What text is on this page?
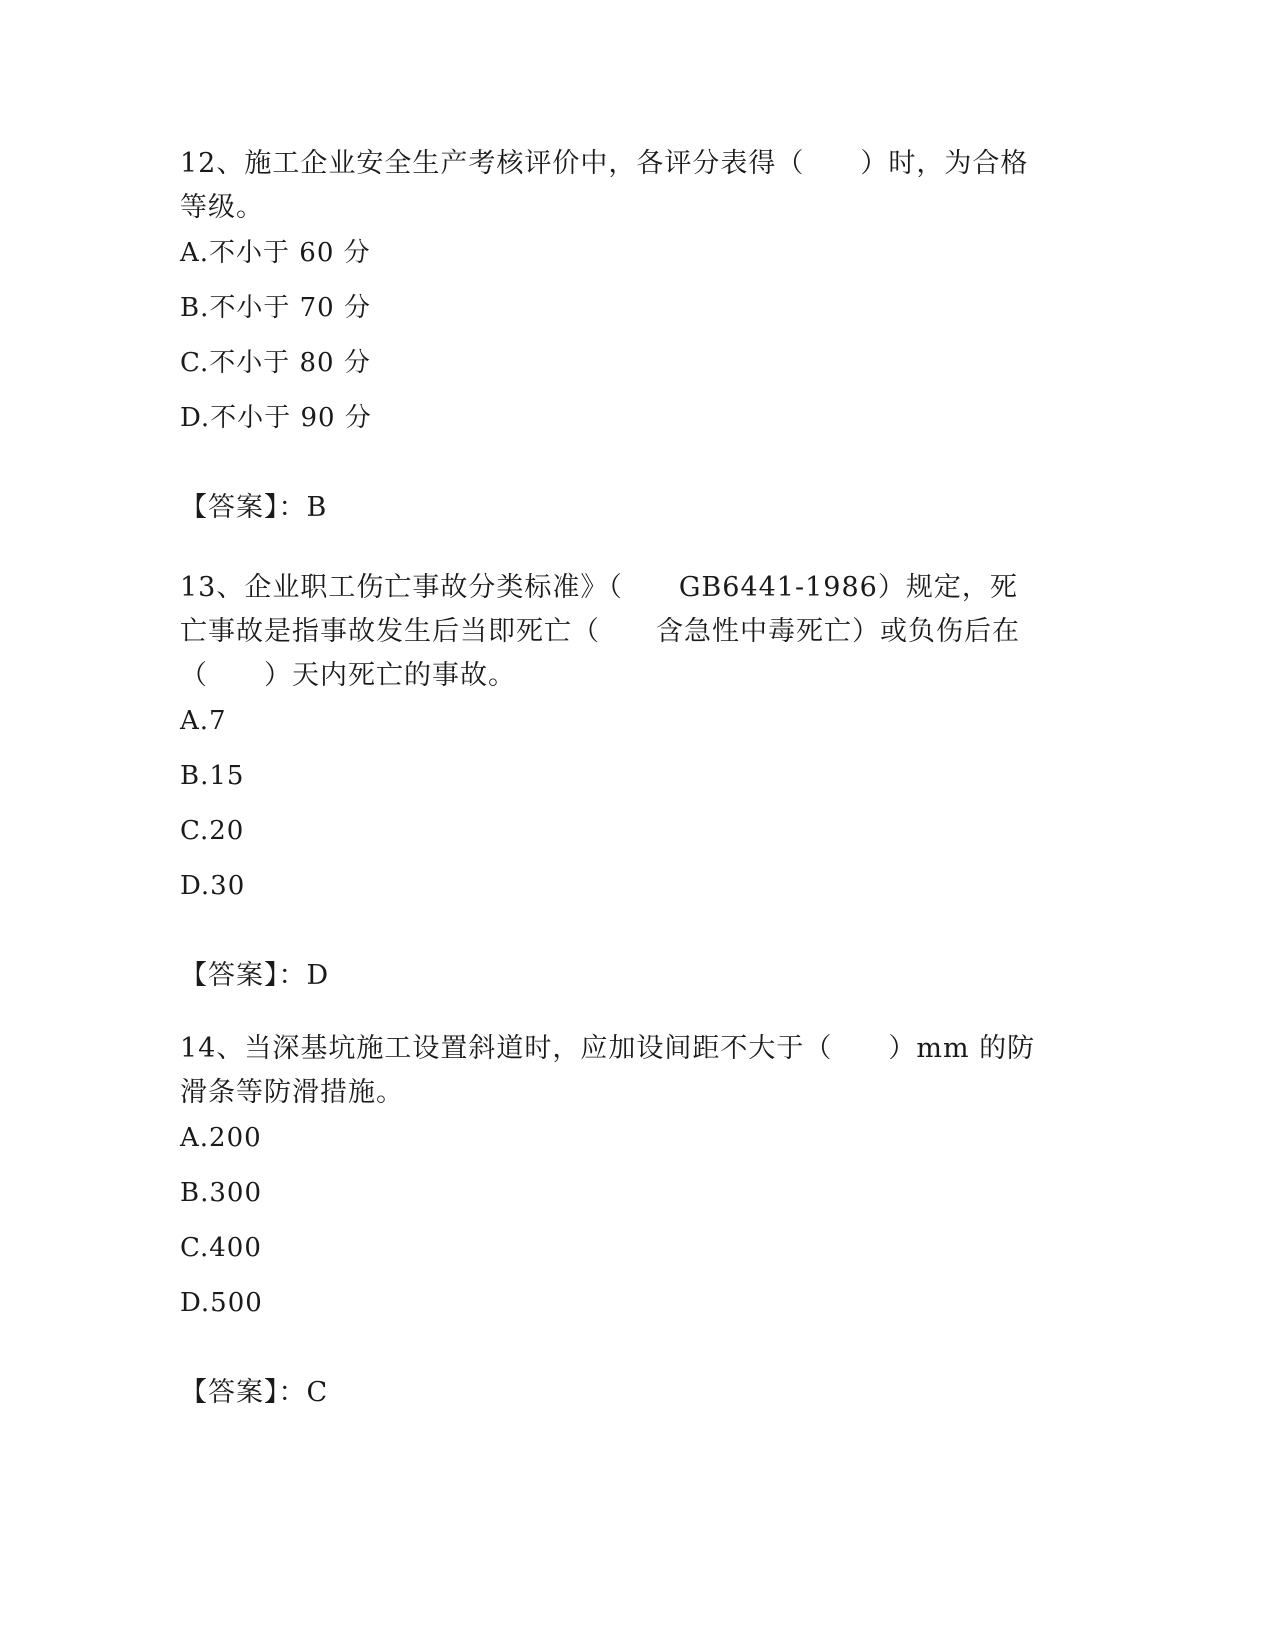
12、施工企业安全生产考核评价中，各评分表得（　　）时，为合格等级。

A.不小于 60 分
B.不小于 70 分
C.不小于 80 分
D.不小于 90 分

【答案】：B

13、企业职工伤亡事故分类标准》（　　GB6441-1986）规定，死亡事故是指事故发生后当即死亡（　　含急性中毒死亡）或负伤后在（　　）天内死亡的事故。

A.7
B.15
C.20
D.30

【答案】：D

14、当深基坑施工设置斜道时，应加设间距不大于（　　）mm 的防滑条等防滑措施。

A.200
B.300
C.400
D.500

【答案】：C
